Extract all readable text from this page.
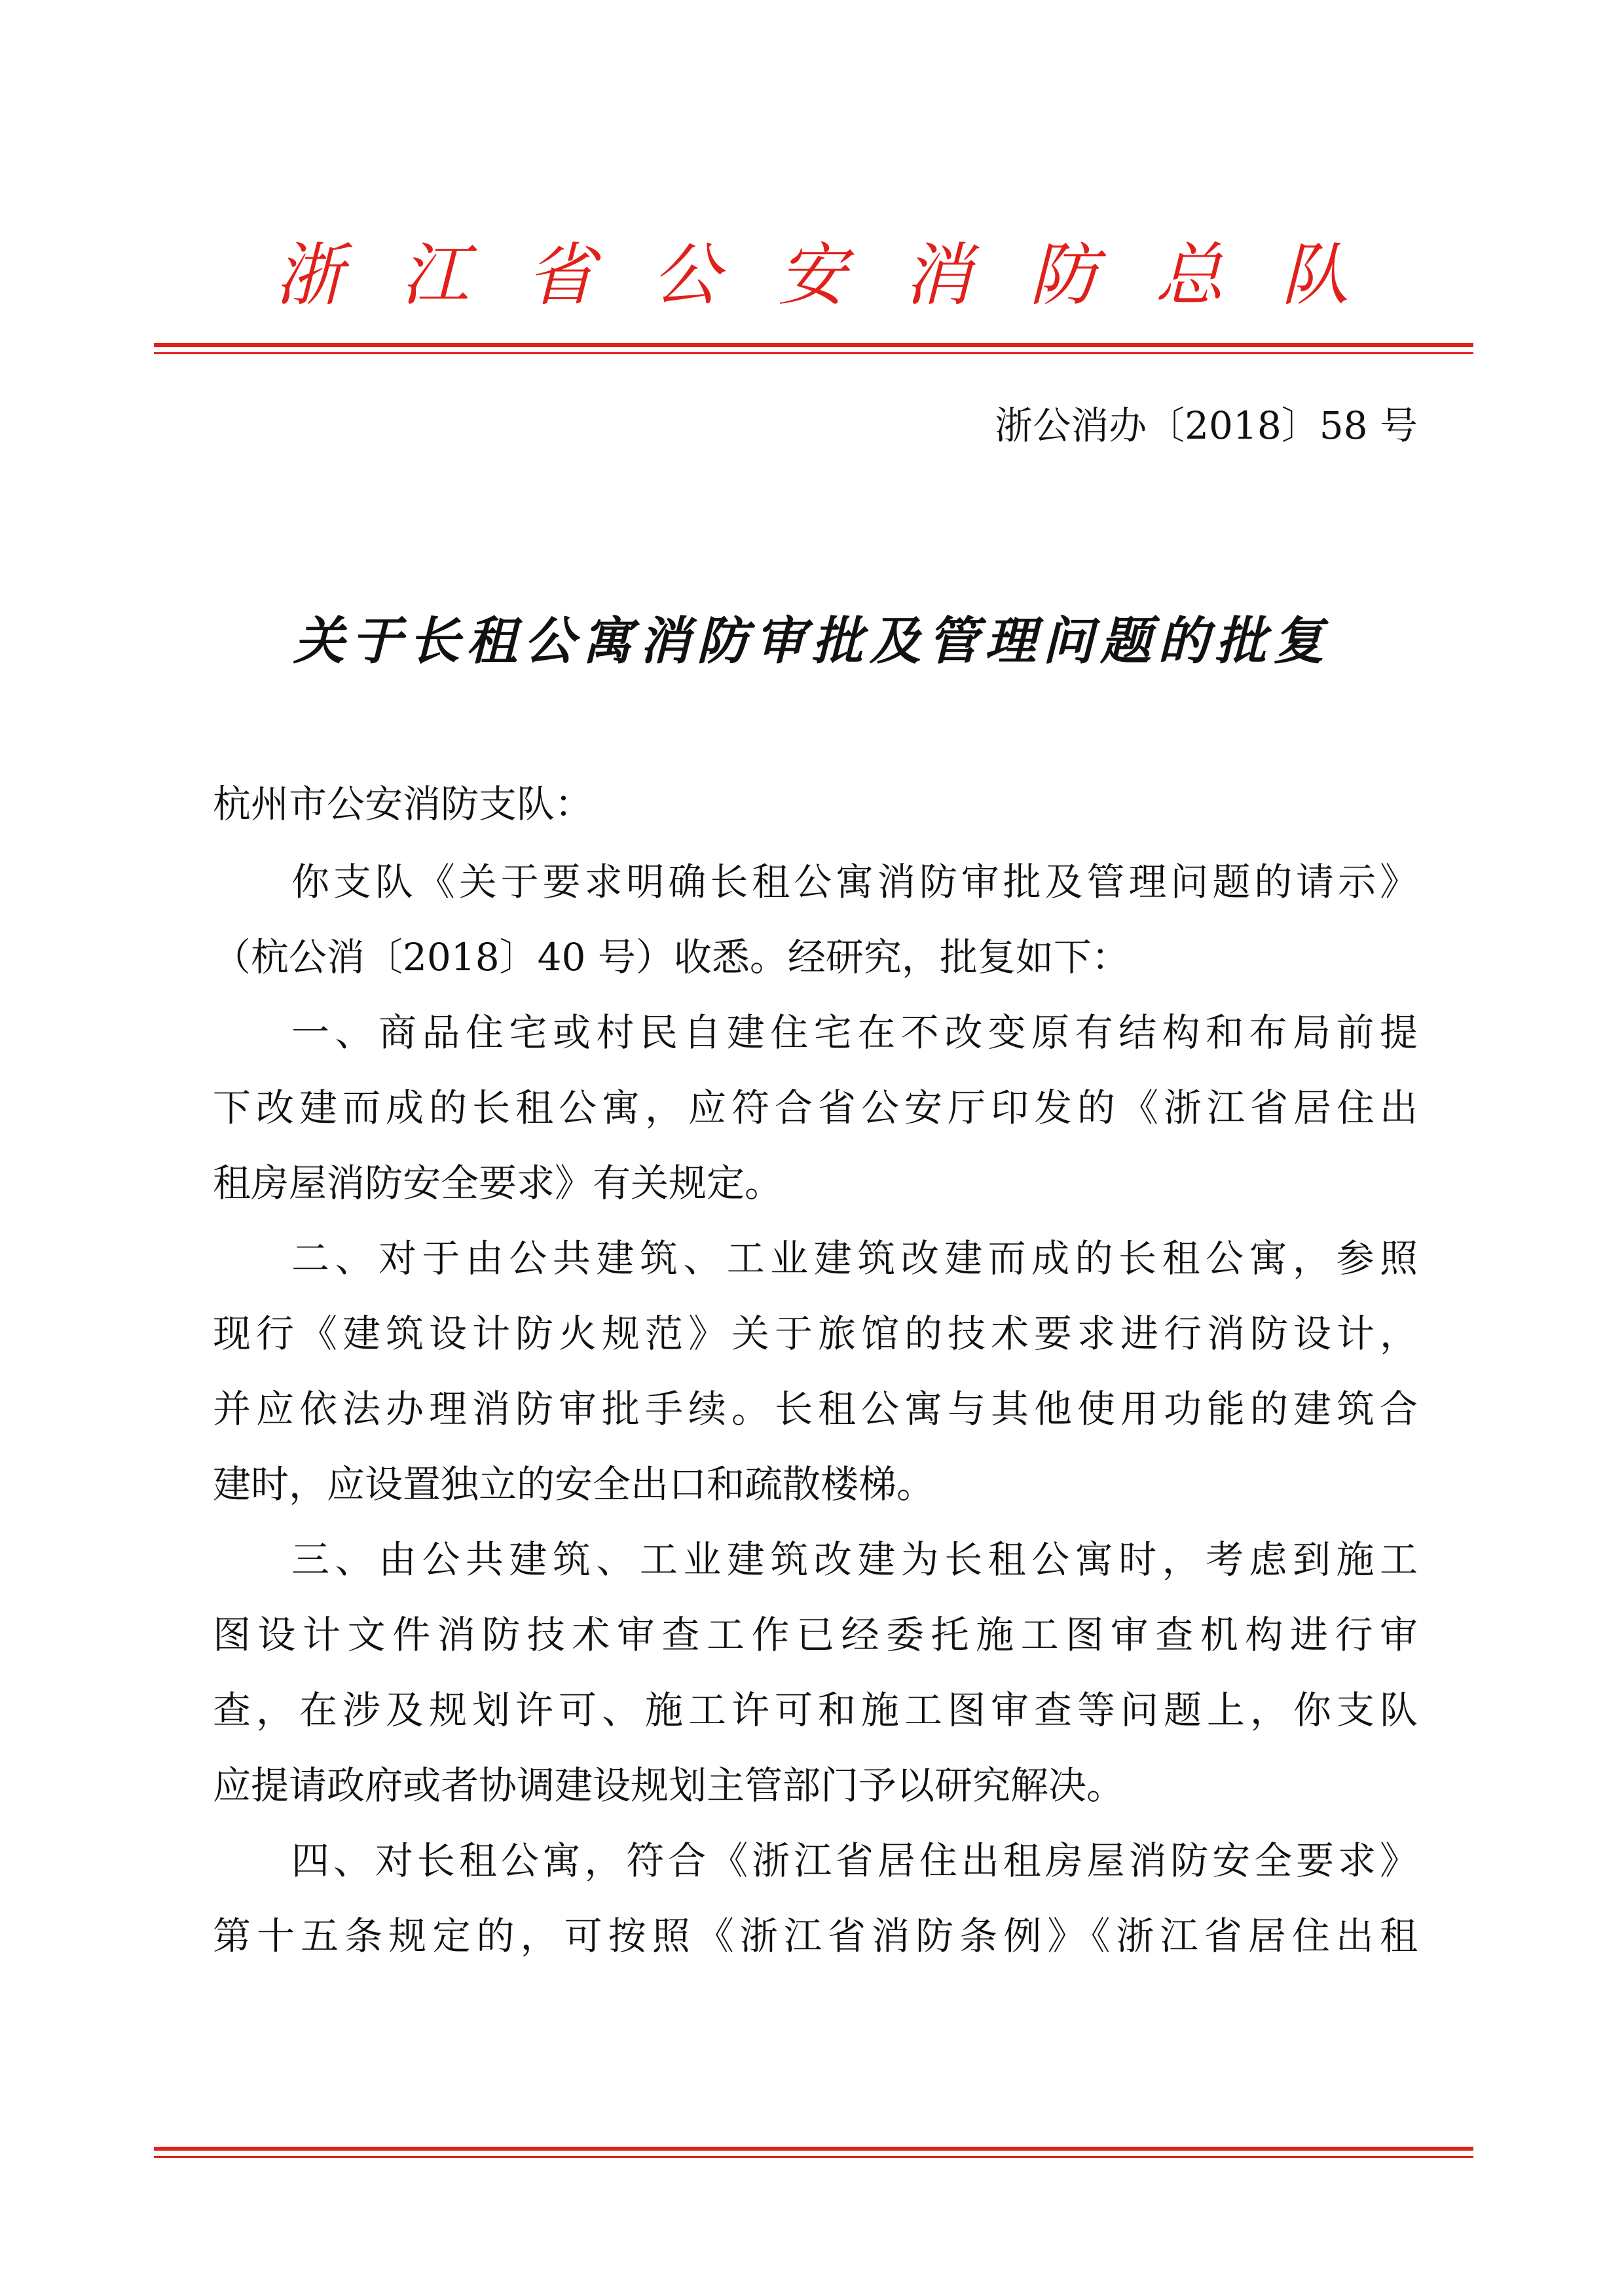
浙江省公安消防总队
浙公消办〔2018〕58 号
关于长租公寓消防审批及管理问题的批复
杭州市公安消防支队：
你支队《关于要求明确长租公寓消防审批及管理问题的请示》
（杭公消〔2018〕40 号）收悉。经研究，批复如下：
一、商品住宅或村民自建住宅在不改变原有结构和布局前提
下改建而成的长租公寓，应符合省公安厅印发的《浙江省居住出
租房屋消防安全要求》有关规定。
二、对于由公共建筑、工业建筑改建而成的长租公寓，参照
现行《建筑设计防火规范》关于旅馆的技术要求进行消防设计，
并应依法办理消防审批手续。长租公寓与其他使用功能的建筑合
建时，应设置独立的安全出口和疏散楼梯。
三、由公共建筑、工业建筑改建为长租公寓时，考虑到施工
图设计文件消防技术审查工作已经委托施工图审查机构进行审
查，在涉及规划许可、施工许可和施工图审查等问题上，你支队
应提请政府或者协调建设规划主管部门予以研究解决。
四、对长租公寓，符合《浙江省居住出租房屋消防安全要求》
第十五条规定的，可按照《浙江省消防条例》《浙江省居住出租
